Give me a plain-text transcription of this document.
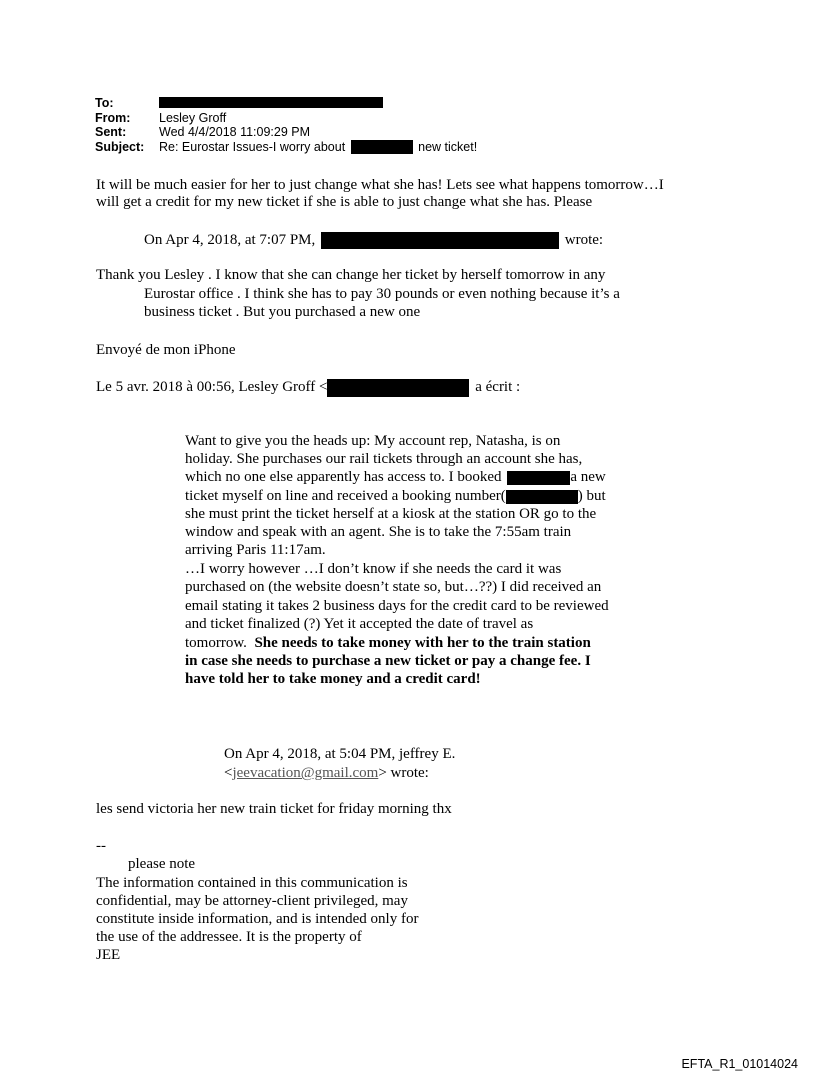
To:
From:	Lesley Groff
Sent:	Wed 4/4/2018 11:09:29 PM
Subject:	Re: Eurostar Issues-I worry about	new ticket!
It will be much easier for her to just change what she has! Lets see what happens tomorrow…I
will get a credit for my new ticket if she is able to just change what she has. Please
On Apr 4, 2018, at 7:07 PM,	wrote:
Thank you Lesley . I know that she can change her ticket by herself tomorrow in any
Eurostar office . I think she has to pay 30 pounds or even nothing because it’s a
business ticket . But you purchased a new one
Envoyé de mon iPhone
Le 5 avr. 2018 à 00:56, Lesley Groff <	a écrit :
Want to give you the heads up: My account rep, Natasha, is on
holiday. She purchases our rail tickets through an account she has,
which no one else apparently has access to. I booked	a new
ticket myself on line and received a booking number(	) but
she must print the ticket herself at a kiosk at the station OR go to the
window and speak with an agent. She is to take the 7:55am train
arriving Paris 11:17am.
…I worry however …I don’t know if she needs the card it was
purchased on (the website doesn’t state so, but…??) I did received an
email stating it takes 2 business days for the credit card to be reviewed
and ticket finalized (?) Yet it accepted the date of travel as
tomorrow. She needs to take money with her to the train station
in case she needs to purchase a new ticket or pay a change fee. I
have told her to take money and a credit card!
On Apr 4, 2018, at 5:04 PM, jeffrey E.
<jeevacation@gmail.com> wrote:
les send victoria her new train ticket for friday morning thx
--
please note
The information contained in this communication is
confidential, may be attorney-client privileged, may
constitute inside information, and is intended only for
the use of the addressee. It is the property of
JEE
EFTA_R1_01014024
